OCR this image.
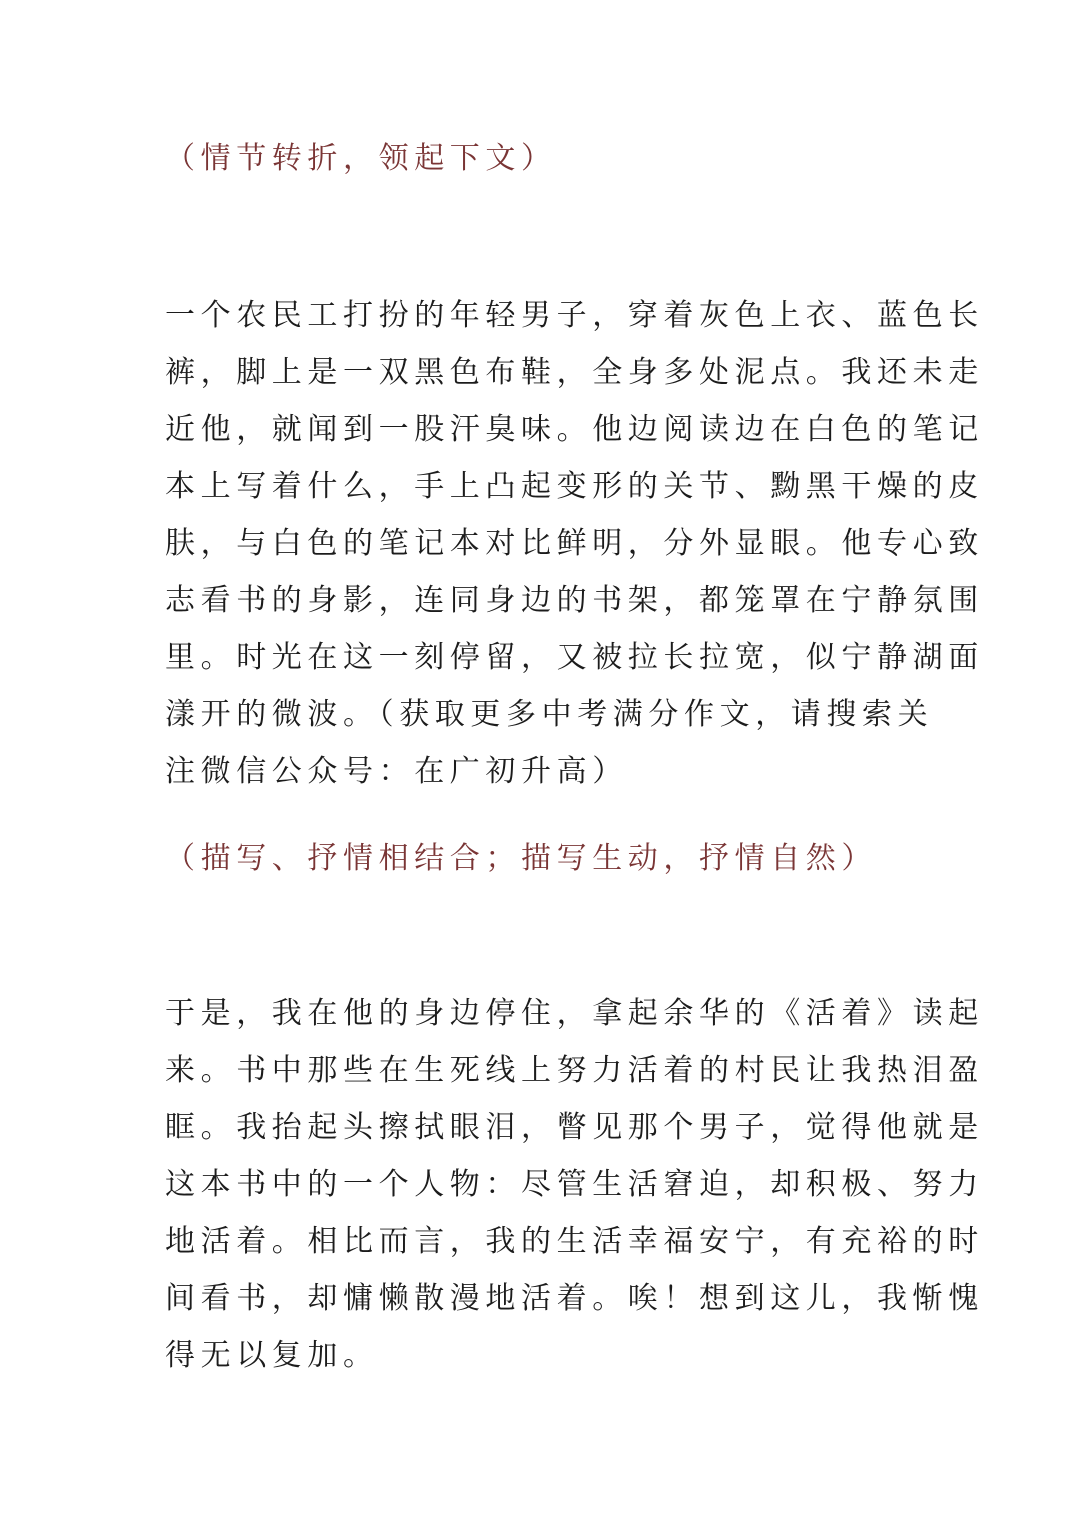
（情节转折，领起下文）

一个农民工打扮的年轻男子，穿着灰色上衣、蓝色长
裤，脚上是一双黑色布鞋，全身多处泥点。我还未走
近他，就闻到一股汗臭味。他边阅读边在白色的笔记
本上写着什么，手上凸起变形的关节、黝黑干燥的皮
肤，与白色的笔记本对比鲜明，分外显眼。他专心致
志看书的身影，连同身边的书架，都笼罩在宁静氛围
里。时光在这一刻停留，又被拉长拉宽，似宁静湖面
漾开的微波。（获取更多中考满分作文，请搜索关
注微信公众号：在广初升高）

（描写、抒情相结合；描写生动，抒情自然）

于是，我在他的身边停住，拿起余华的《活着》读起
来。书中那些在生死线上努力活着的村民让我热泪盈
眶。我抬起头擦拭眼泪，瞥见那个男子，觉得他就是
这本书中的一个人物：尽管生活窘迫，却积极、努力
地活着。相比而言，我的生活幸福安宁，有充裕的时
间看书，却慵懒散漫地活着。唉！想到这儿，我惭愧
得无以复加。
